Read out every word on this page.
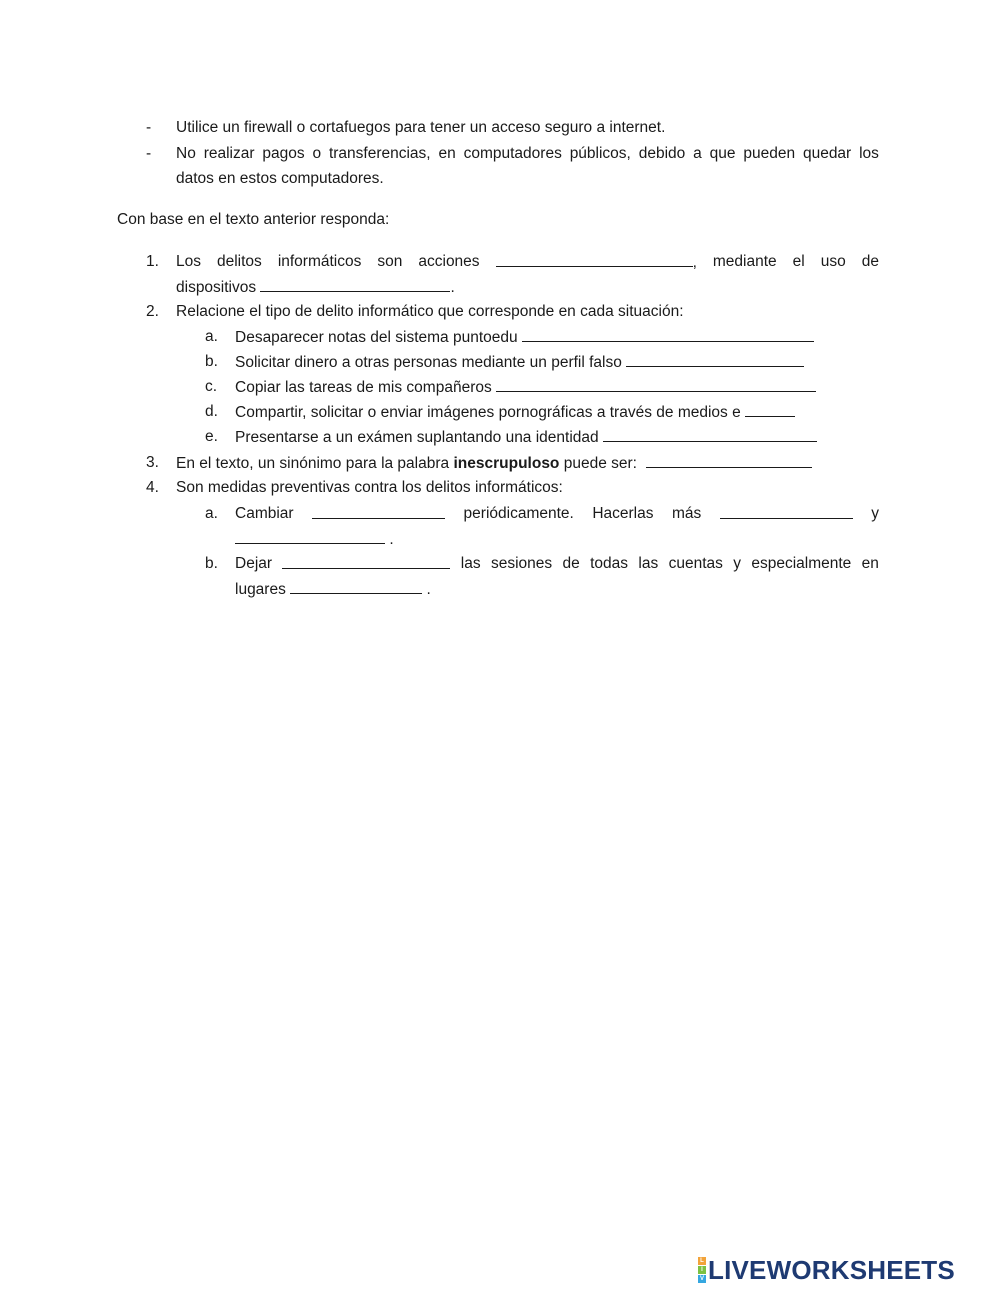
- Utilice un firewall o cortafuegos para tener un acceso seguro a internet.
- No realizar pagos o transferencias, en computadores públicos, debido a que pueden quedar los
datos en estos computadores.
Con base en el texto anterior responda:
1. Los delitos informáticos son acciones	, mediante el uso de
dispositivos	.
2. Relacione el tipo de delito informático que corresponde en cada situación:
a. Desaparecer notas del sistema puntoedu
b. Solicitar dinero a otras personas mediante un perfil falso
c. Copiar las tareas de mis compañeros
d. Compartir, solicitar o enviar imágenes pornográficas a través de medios e
e. Presentarse a un exámen suplantando una identidad
3. En el texto, un sinónimo para la palabra inescrupuloso puede ser:
4. Son medidas preventivas contra los delitos informáticos:
a. Cambiar	periódicamente. Hacerlas más	y
.
b. Dejar	las sesiones de todas las cuentas y especialmente en
lugares	.
L
I
V LIVEWORKSHEETS
